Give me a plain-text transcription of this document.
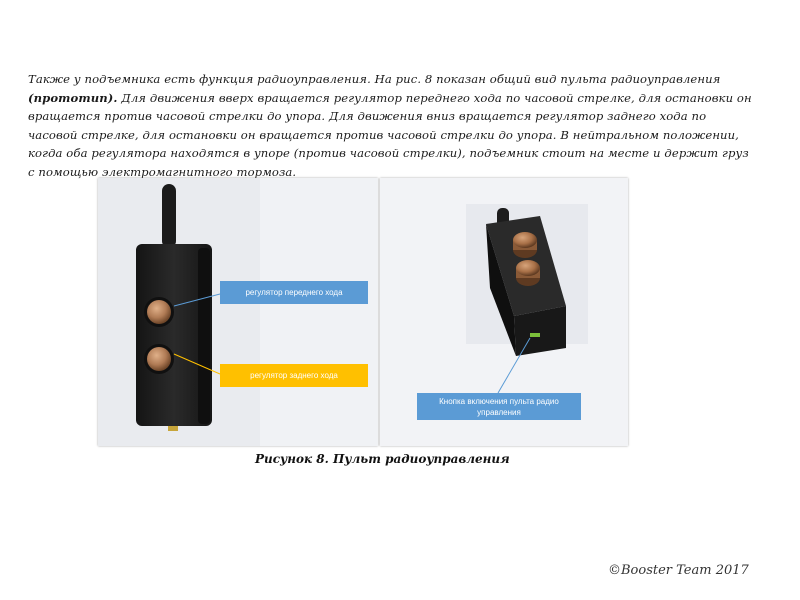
Также у подъемника есть функция радиоуправления. На рис. 8 показан общий вид пульта радиоуправления
(прототип). Для движения вверх вращается регулятор переднего хода по часовой стрелке, для остановки он вращается против часовой стрелки до упора. Для движения вниз вращается регулятор заднего хода по часовой стрелке, для остановки он вращается против часовой стрелки до упора. В нейтральном положении, когда оба регулятора находятся в упоре (против часовой стрелки), подъемник стоит на месте и держит груз с помощью электромагнитного тормоза.

регулятор переднего хода
регулятор заднего хода
Кнопка включения пульта радио управления
Рисунок 8. Пульт радиоуправления
©Booster Team 2017
